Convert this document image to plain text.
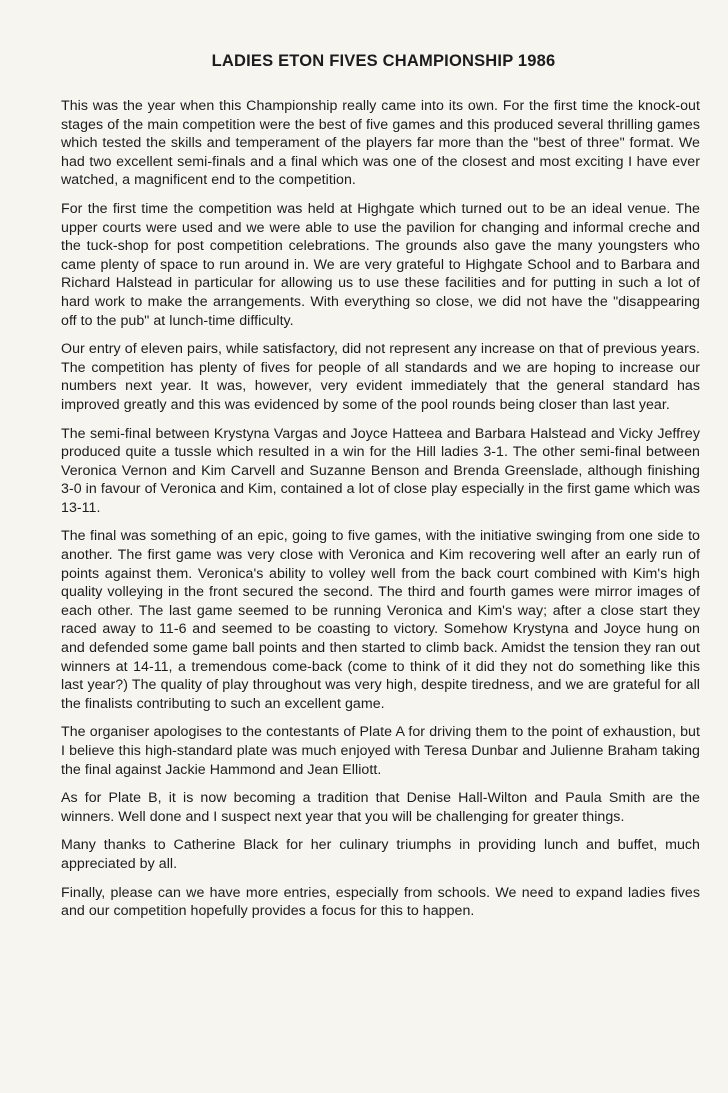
LADIES ETON FIVES CHAMPIONSHIP 1986

This was the year when this Championship really came into its own. For the first time the knock-out stages of the main competition were the best of five games and this produced several thrilling games which tested the skills and temperament of the players far more than the "best of three" format. We had two excellent semi-finals and a final which was one of the closest and most exciting I have ever watched, a magnificent end to the competition.

For the first time the competition was held at Highgate which turned out to be an ideal venue. The upper courts were used and we were able to use the pavilion for changing and informal creche and the tuck-shop for post competition celebrations. The grounds also gave the many youngsters who came plenty of space to run around in. We are very grateful to Highgate School and to Barbara and Richard Halstead in particular for allowing us to use these facilities and for putting in such a lot of hard work to make the arrangements. With everything so close, we did not have the "disappearing off to the pub" at lunch-time difficulty.

Our entry of eleven pairs, while satisfactory, did not represent any increase on that of previous years. The competition has plenty of fives for people of all standards and we are hoping to increase our numbers next year. It was, however, very evident immediately that the general standard has improved greatly and this was evidenced by some of the pool rounds being closer than last year.

The semi-final between Krystyna Vargas and Joyce Hatteea and Barbara Halstead and Vicky Jeffrey produced quite a tussle which resulted in a win for the Hill ladies 3-1. The other semi-final between Veronica Vernon and Kim Carvell and Suzanne Benson and Brenda Greenslade, although finishing 3-0 in favour of Veronica and Kim, contained a lot of close play especially in the first game which was 13-11.

The final was something of an epic, going to five games, with the initiative swinging from one side to another. The first game was very close with Veronica and Kim recovering well after an early run of points against them. Veronica's ability to volley well from the back court combined with Kim's high quality volleying in the front secured the second. The third and fourth games were mirror images of each other. The last game seemed to be running Veronica and Kim's way; after a close start they raced away to 11-6 and seemed to be coasting to victory. Somehow Krystyna and Joyce hung on and defended some game ball points and then started to climb back. Amidst the tension they ran out winners at 14-11, a tremendous come-back (come to think of it did they not do something like this last year?) The quality of play throughout was very high, despite tiredness, and we are grateful for all the finalists contributing to such an excellent game.

The organiser apologises to the contestants of Plate A for driving them to the point of exhaustion, but I believe this high-standard plate was much enjoyed with Teresa Dunbar and Julienne Braham taking the final against Jackie Hammond and Jean Elliott.

As for Plate B, it is now becoming a tradition that Denise Hall-Wilton and Paula Smith are the winners. Well done and I suspect next year that you will be challenging for greater things.

Many thanks to Catherine Black for her culinary triumphs in providing lunch and buffet, much appreciated by all.

Finally, please can we have more entries, especially from schools. We need to expand ladies fives and our competition hopefully provides a focus for this to happen.
